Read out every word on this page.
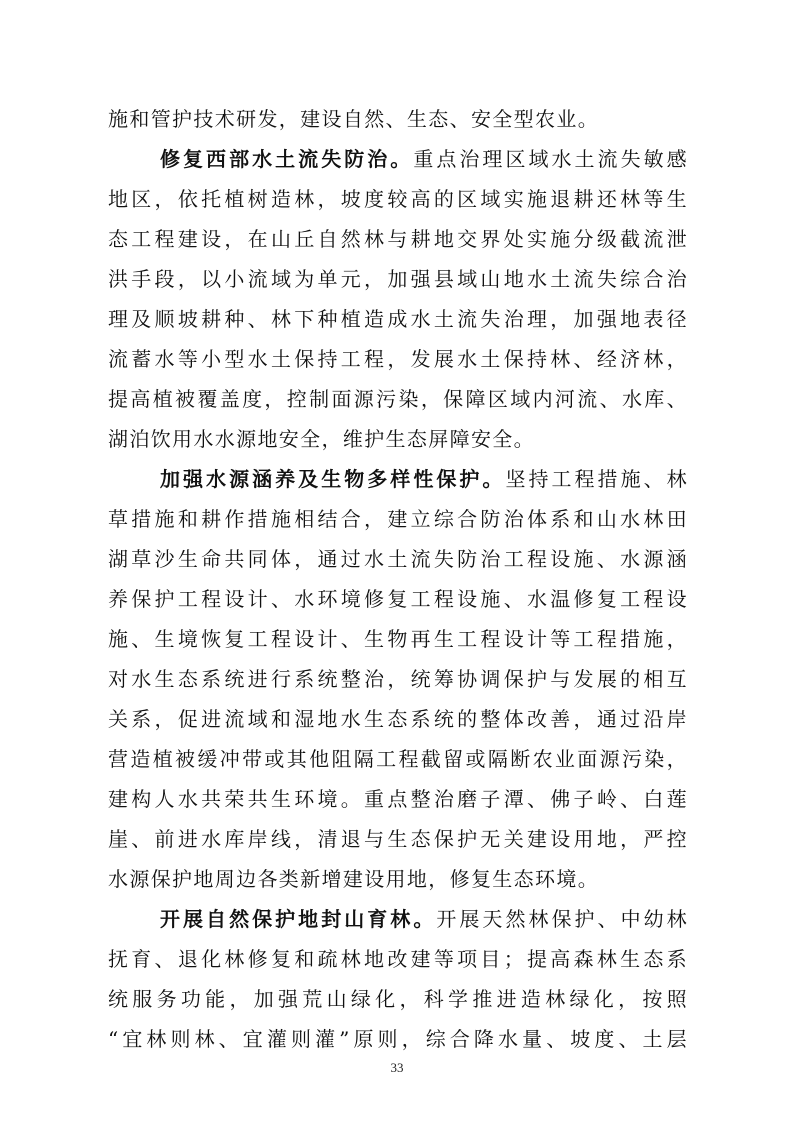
施和管护技术研发，建设自然、生态、安全型农业。
修复西部水土流失防治。重点治理区域水土流失敏感
地区，依托植树造林，坡度较高的区域实施退耕还林等生
态工程建设，在山丘自然林与耕地交界处实施分级截流泄
洪手段，以小流域为单元，加强县域山地水土流失综合治
理及顺坡耕种、林下种植造成水土流失治理，加强地表径
流蓄水等小型水土保持工程，发展水土保持林、经济林，
提高植被覆盖度，控制面源污染，保障区域内河流、水库、
湖泊饮用水水源地安全，维护生态屏障安全。
加强水源涵养及生物多样性保护。坚持工程措施、林
草措施和耕作措施相结合，建立综合防治体系和山水林田
湖草沙生命共同体，通过水土流失防治工程设施、水源涵
养保护工程设计、水环境修复工程设施、水温修复工程设
施、生境恢复工程设计、生物再生工程设计等工程措施，
对水生态系统进行系统整治，统筹协调保护与发展的相互
关系，促进流域和湿地水生态系统的整体改善，通过沿岸
营造植被缓冲带或其他阻隔工程截留或隔断农业面源污染，
建构人水共荣共生环境。重点整治磨子潭、佛子岭、白莲
崖、前进水库岸线，清退与生态保护无关建设用地，严控
水源保护地周边各类新增建设用地，修复生态环境。
开展自然保护地封山育林。开展天然林保护、中幼林
抚育、退化林修复和疏林地改建等项目；提高森林生态系
统服务功能，加强荒山绿化，科学推进造林绿化，按照
“宜林则林、宜灌则灌”原则，综合降水量、坡度、土层
33
